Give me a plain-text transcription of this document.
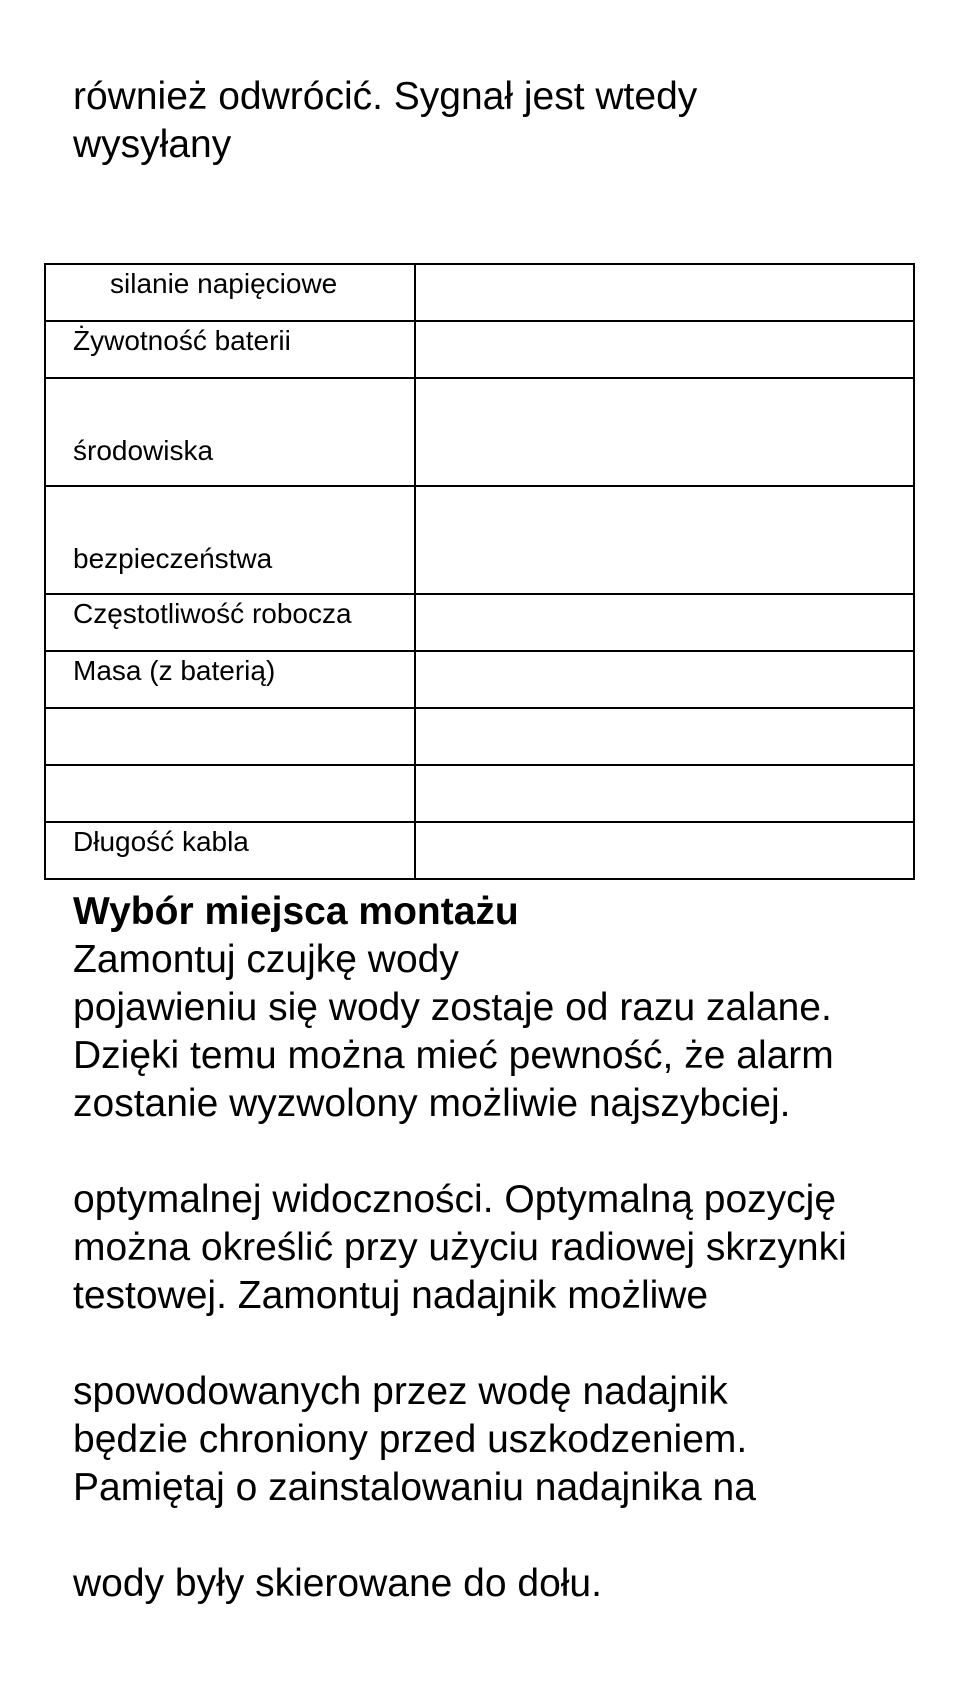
również odwrócić. Sygnał jest wtedy
wysyłany

silanie napięciowe	
Żywotność baterii	
środowiska	
bezpieczeństwa	
Częstotliwość robocza	
Masa (z baterią)	

Długość kabla	
Wybór miejsca montażu
Zamontuj czujkę wody
pojawieniu się wody zostaje od razu zalane.
Dzięki temu można mieć pewność, że alarm
zostanie wyzwolony możliwie najszybciej.
optymalnej widoczności. Optymalną pozycję
można określić przy użyciu radiowej skrzynki
testowej. Zamontuj nadajnik możliwe
spowodowanych przez wodę nadajnik
będzie chroniony przed uszkodzeniem.
Pamiętaj o zainstalowaniu nadajnika na
wody były skierowane do dołu.
